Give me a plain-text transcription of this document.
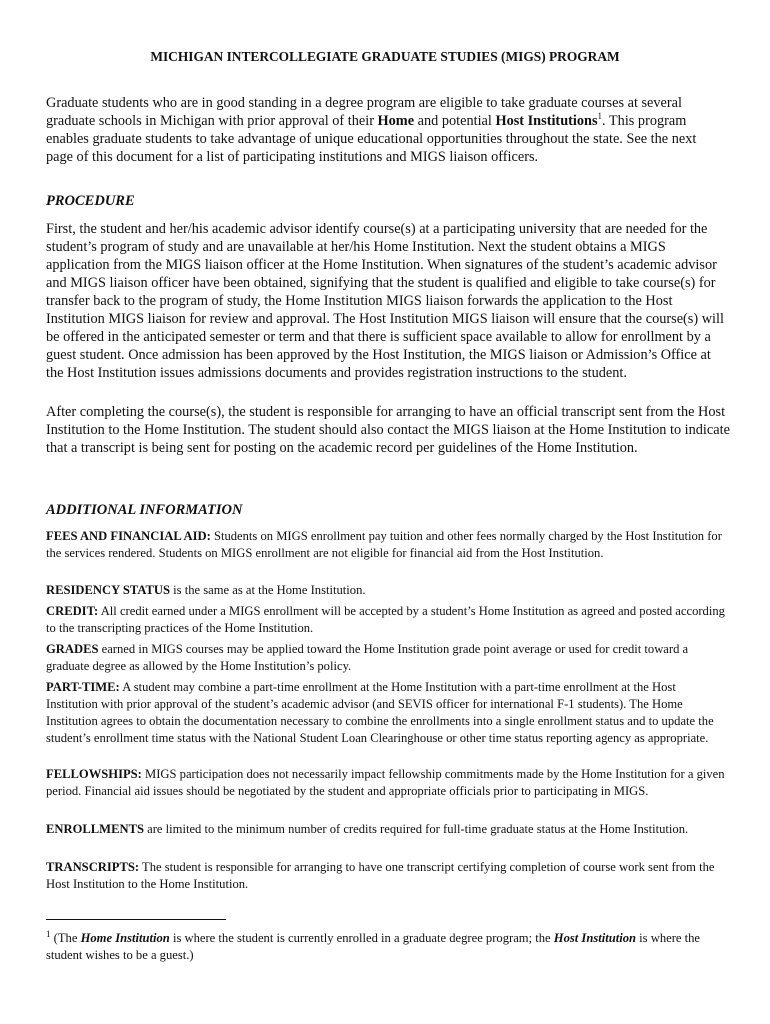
MICHIGAN INTERCOLLEGIATE GRADUATE STUDIES (MIGS) PROGRAM

Graduate students who are in good standing in a degree program are eligible to take graduate courses at several graduate schools in Michigan with prior approval of their Home and potential Host Institutions$^1$. This program enables graduate students to take advantage of unique educational opportunities throughout the state. See the next page of this document for a list of participating institutions and MIGS liaison officers.

PROCEDURE

First, the student and her/his academic advisor identify course(s) at a participating university that are needed for the student’s program of study and are unavailable at her/his Home Institution. Next the student obtains a MIGS application from the MIGS liaison officer at the Home Institution. When signatures of the student’s academic advisor and MIGS liaison officer have been obtained, signifying that the student is qualified and eligible to take course(s) for transfer back to the program of study, the Home Institution MIGS liaison forwards the application to the Host Institution MIGS liaison for review and approval. The Host Institution MIGS liaison will ensure that the course(s) will be offered in the anticipated semester or term and that there is sufficient space available to allow for enrollment by a guest student. Once admission has been approved by the Host Institution, the MIGS liaison or Admission’s Office at the Host Institution issues admissions documents and provides registration instructions to the student.

After completing the course(s), the student is responsible for arranging to have an official transcript sent from the Host Institution to the Home Institution. The student should also contact the MIGS liaison at the Home Institution to indicate that a transcript is being sent for posting on the academic record per guidelines of the Home Institution.

ADDITIONAL INFORMATION

FEES AND FINANCIAL AID: Students on MIGS enrollment pay tuition and other fees normally charged by the Host Institution for the services rendered. Students on MIGS enrollment are not eligible for financial aid from the Host Institution.

RESIDENCY STATUS is the same as at the Home Institution.

CREDIT: All credit earned under a MIGS enrollment will be accepted by a student’s Home Institution as agreed and posted according to the transcripting practices of the Home Institution.

GRADES earned in MIGS courses may be applied toward the Home Institution grade point average or used for credit toward a graduate degree as allowed by the Home Institution’s policy.

PART-TIME: A student may combine a part-time enrollment at the Home Institution with a part-time enrollment at the Host Institution with prior approval of the student’s academic advisor (and SEVIS officer for international F-1 students). The Home Institution agrees to obtain the documentation necessary to combine the enrollments into a single enrollment status and to update the student’s enrollment time status with the National Student Loan Clearinghouse or other time status reporting agency as appropriate.

FELLOWSHIPS: MIGS participation does not necessarily impact fellowship commitments made by the Home Institution for a given period. Financial aid issues should be negotiated by the student and appropriate officials prior to participating in MIGS.

ENROLLMENTS are limited to the minimum number of credits required for full-time graduate status at the Home Institution.

TRANSCRIPTS: The student is responsible for arranging to have one transcript certifying completion of course work sent from the Host Institution to the Home Institution.

$^1$ (The Home Institution is where the student is currently enrolled in a graduate degree program; the Host Institution is where the student wishes to be a guest.)
